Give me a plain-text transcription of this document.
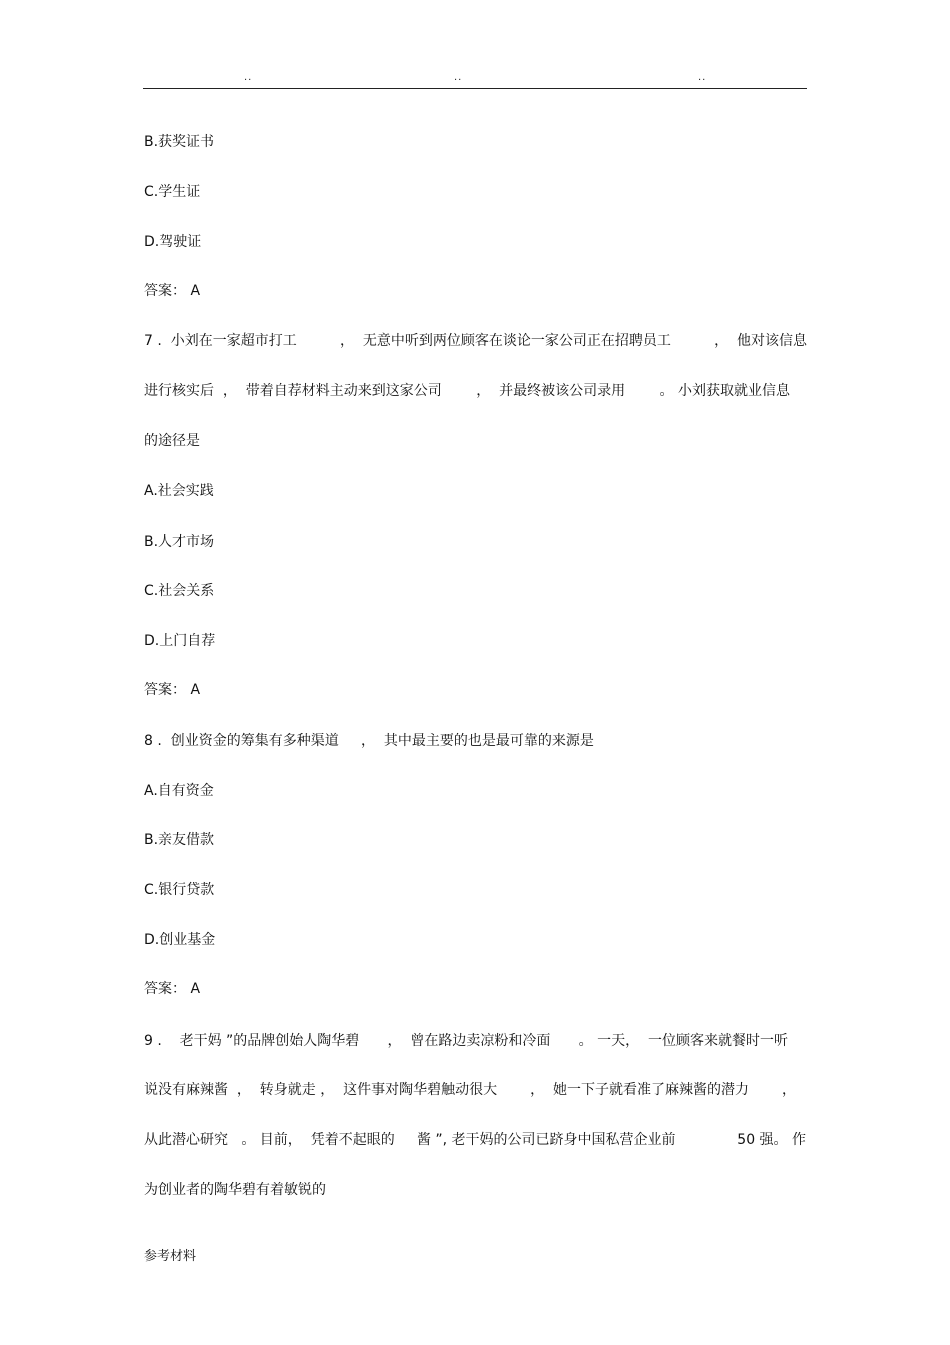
..	..	..
B.获奖证书
C.学生证
D.驾驶证
答案： A
7 .  小刘在一家超市打工	，  无意中听到两位顾客在谈论一家公司正在招聘员工	，  他对该信息
进行核实后  ，  带着自荐材料主动来到这家公司 ，  并最终被该公司录用 。 小刘获取就业信息
的途径是
A.社会实践
B.人才市场
C.社会关系
D.上门自荐
答案： A
8 .  创业资金的筹集有多种渠道     ，  其中最主要的也是最可靠的来源是
A.自有资金
B.亲友借款
C.银行贷款
D.创业基金
答案： A
9 .    老干妈 ”的品牌创始人陶华碧 ，  曾在路边卖凉粉和冷面 。 一天，  一位顾客来就餐时一听
说没有麻辣酱  ，  转身就走 ，  这件事对陶华碧触动很大 ，  她一下子就看准了麻辣酱的潜力 ，
从此潜心研究   。 目前，  凭着不起眼的     酱 ”, 老干妈的公司已跻身中国私营企业前	50 强。 作
为创业者的陶华碧有着敏锐的
参考材料
